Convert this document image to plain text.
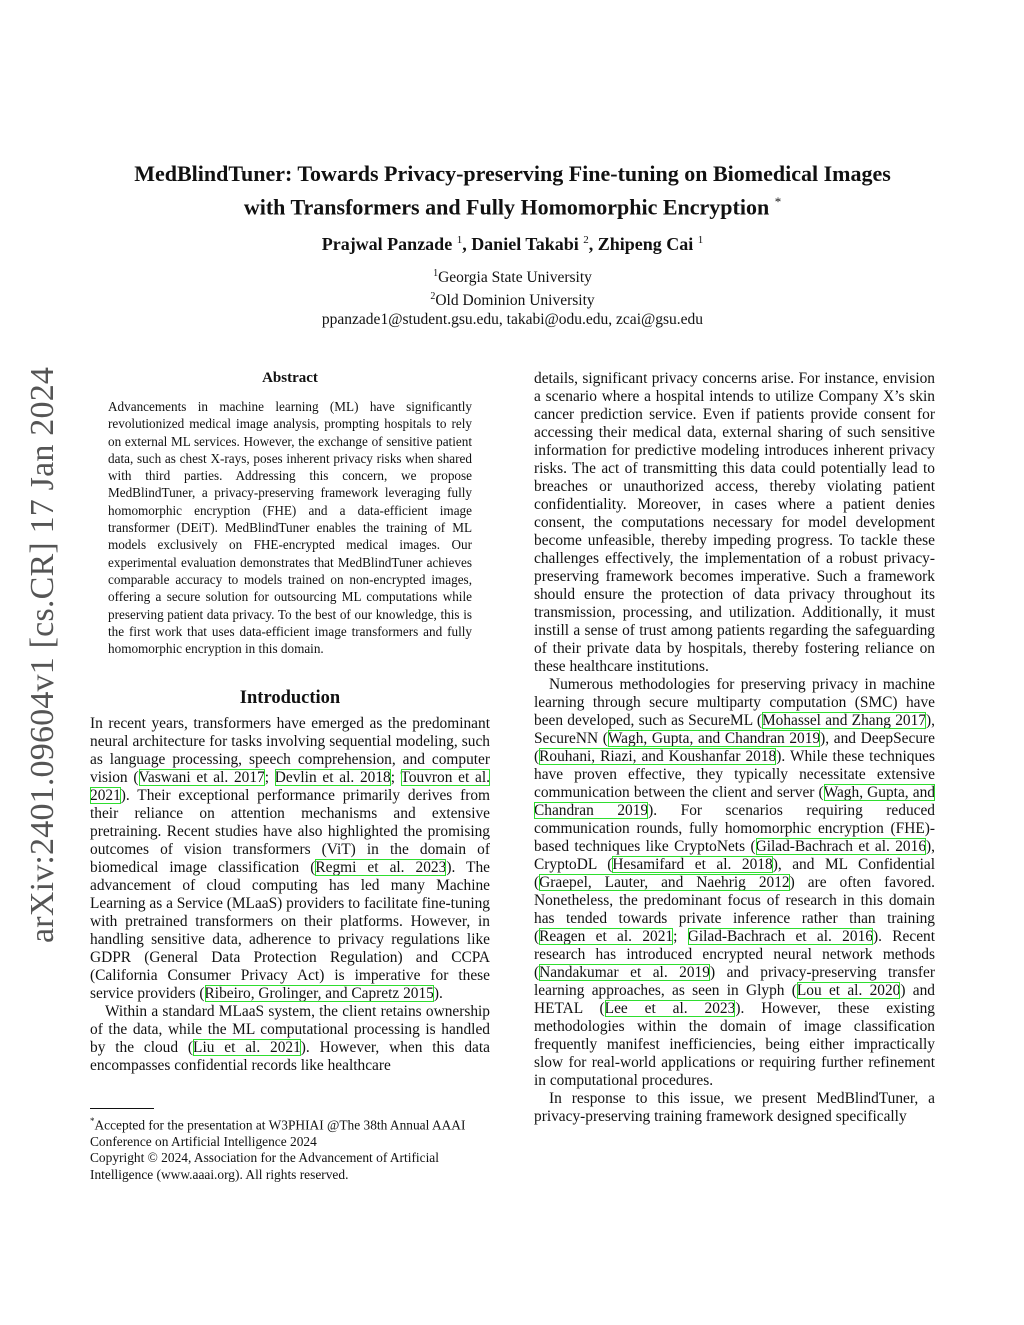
arXiv:2401.09604v1 [cs.CR] 17 Jan 2024
MedBlindTuner: Towards Privacy-preserving Fine-tuning on Biomedical Images
with Transformers and Fully Homomorphic Encryption *
Prajwal Panzade $^1$, Daniel Takabi $^2$, Zhipeng Cai $^1$
$^1$Georgia State University
$^2$Old Dominion University
ppanzade1@student.gsu.edu, takabi@odu.edu, zcai@gsu.edu
Abstract
Advancements in machine learning (ML) have significantly revolutionized medical image analysis, prompting hospitals to rely on external ML services. However, the exchange of sensitive patient data, such as chest X-rays, poses inherent privacy risks when shared with third parties. Addressing this concern, we propose MedBlindTuner, a privacy-preserving framework leveraging fully homomorphic encryption (FHE) and a data-efficient image transformer (DEiT). MedBlindTuner enables the training of ML models exclusively on FHE-encrypted medical images. Our experimental evaluation demonstrates that MedBlindTuner achieves comparable accuracy to models trained on non-encrypted images, offering a secure solution for outsourcing ML computations while preserving patient data privacy. To the best of our knowledge, this is the first work that uses data-efficient image transformers and fully homomorphic encryption in this domain.
Introduction

In recent years, transformers have emerged as the predominant neural architecture for tasks involving sequential modeling, such as language processing, speech comprehension, and computer vision (Vaswani et al. 2017; Devlin et al. 2018; Touvron et al. 2021). Their exceptional performance primarily derives from their reliance on attention mechanisms and extensive pretraining. Recent studies have also highlighted the promising outcomes of vision transformers (ViT) in the domain of biomedical image classification (Regmi et al. 2023). The advancement of cloud computing has led many Machine Learning as a Service (MLaaS) providers to facilitate fine-tuning with pretrained transformers on their platforms. However, in handling sensitive data, adherence to privacy regulations like GDPR (General Data Protection Regulation) and CCPA (California Consumer Privacy Act) is imperative for these service providers (Ribeiro, Grolinger, and Capretz 2015).

Within a standard MLaaS system, the client retains ownership of the data, while the ML computational processing is handled by the cloud (Liu et al. 2021). However, when this data encompasses confidential records like healthcare

details, significant privacy concerns arise. For instance, envision a scenario where a hospital intends to utilize Company X’s skin cancer prediction service. Even if patients provide consent for accessing their medical data, external sharing of such sensitive information for predictive modeling introduces inherent privacy risks. The act of transmitting this data could potentially lead to breaches or unauthorized access, thereby violating patient confidentiality. Moreover, in cases where a patient denies consent, the computations necessary for model development become unfeasible, thereby impeding progress. To tackle these challenges effectively, the implementation of a robust privacy-preserving framework becomes imperative. Such a framework should ensure the protection of data privacy throughout its transmission, processing, and utilization. Additionally, it must instill a sense of trust among patients regarding the safeguarding of their private data by hospitals, thereby fostering reliance on these healthcare institutions.

Numerous methodologies for preserving privacy in machine learning through secure multiparty computation (SMC) have been developed, such as SecureML (Mohassel and Zhang 2017), SecureNN (Wagh, Gupta, and Chandran 2019), and DeepSecure (Rouhani, Riazi, and Koushanfar 2018). While these techniques have proven effective, they typically necessitate extensive communication between the client and server (Wagh, Gupta, and Chandran 2019). For scenarios requiring reduced communication rounds, fully homomorphic encryption (FHE)-based techniques like CryptoNets (Gilad-Bachrach et al. 2016), CryptoDL (Hesamifard et al. 2018), and ML Confidential (Graepel, Lauter, and Naehrig 2012) are often favored. Nonetheless, the predominant focus of research in this domain has tended towards private inference rather than training (Reagen et al. 2021; Gilad-Bachrach et al. 2016). Recent research has introduced encrypted neural network methods (Nandakumar et al. 2019) and privacy-preserving transfer learning approaches, as seen in Glyph (Lou et al. 2020) and HETAL (Lee et al. 2023). However, these existing methodologies within the domain of image classification frequently manifest inefficiencies, being either impractically slow for real-world applications or requiring further refinement in computational procedures.

In response to this issue, we present MedBlindTuner, a privacy-preserving training framework designed specifically

*Accepted for the presentation at W3PHIAI @The 38th Annual AAAI Conference on Artificial Intelligence 2024
Copyright © 2024, Association for the Advancement of Artificial Intelligence (www.aaai.org). All rights reserved.
